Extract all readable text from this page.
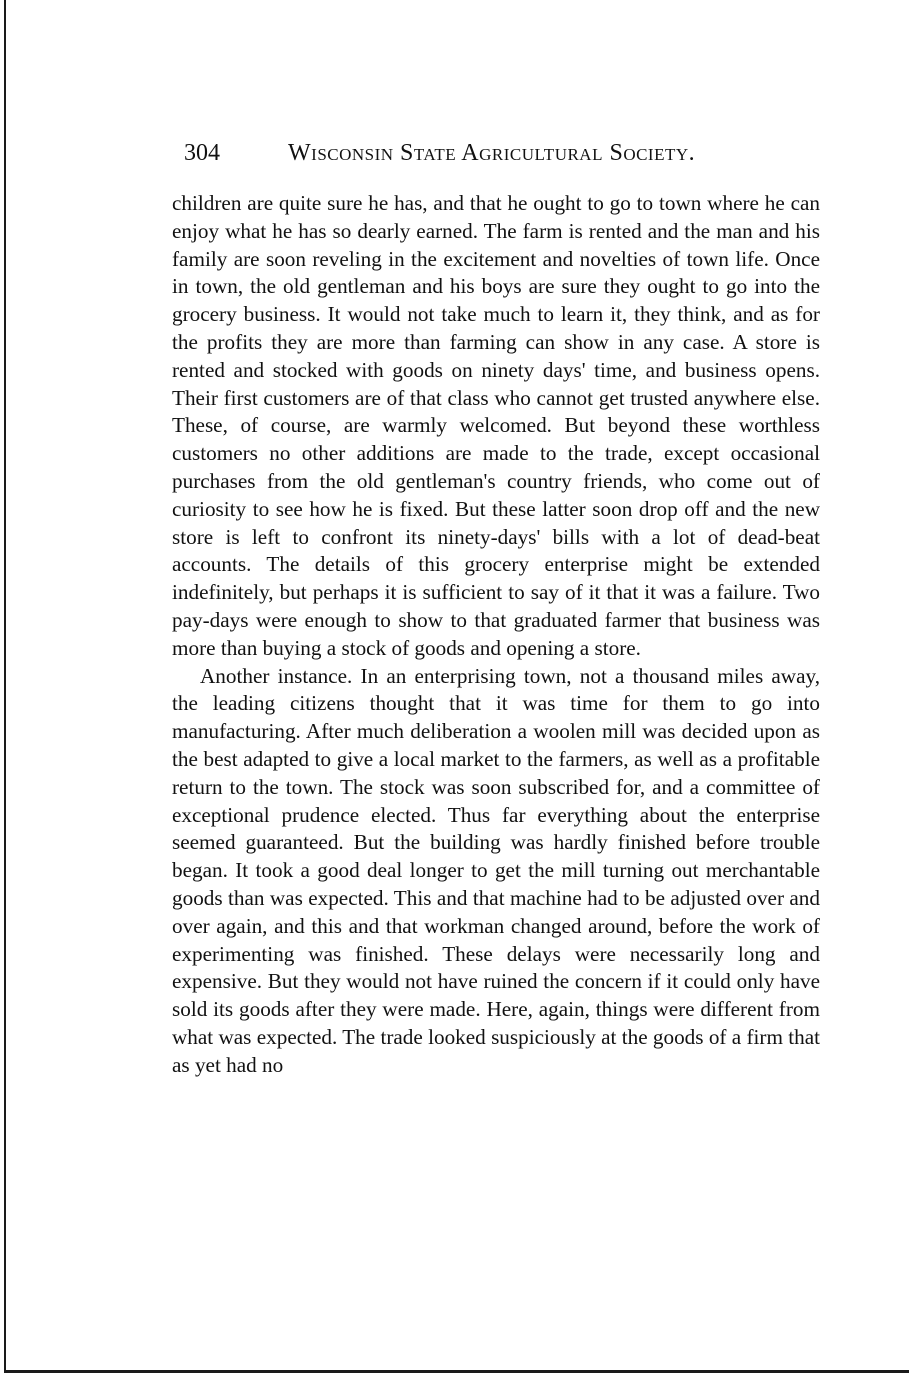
304	Wisconsin State Agricultural Society.

children are quite sure he has, and that he ought to go to town where he can enjoy what he has so dearly earned. The farm is rented and the man and his family are soon reveling in the excitement and novelties of town life. Once in town, the old gentleman and his boys are sure they ought to go into the grocery business. It would not take much to learn it, they think, and as for the profits they are more than farming can show in any case. A store is rented and stocked with goods on ninety days' time, and business opens. Their first customers are of that class who cannot get trusted anywhere else. These, of course, are warmly welcomed. But beyond these worthless customers no other additions are made to the trade, except occasional purchases from the old gentleman's country friends, who come out of curiosity to see how he is fixed. But these latter soon drop off and the new store is left to confront its ninety-days' bills with a lot of dead-beat accounts. The details of this grocery enterprise might be extended indefinitely, but perhaps it is sufficient to say of it that it was a failure. Two pay-days were enough to show to that graduated farmer that business was more than buying a stock of goods and opening a store.

Another instance. In an enterprising town, not a thousand miles away, the leading citizens thought that it was time for them to go into manufacturing. After much deliberation a woolen mill was decided upon as the best adapted to give a local market to the farmers, as well as a profitable return to the town. The stock was soon subscribed for, and a committee of exceptional prudence elected. Thus far everything about the enterprise seemed guaranteed. But the building was hardly finished before trouble began. It took a good deal longer to get the mill turning out merchantable goods than was expected. This and that machine had to be adjusted over and over again, and this and that workman changed around, before the work of experimenting was finished. These delays were necessarily long and expensive. But they would not have ruined the concern if it could only have sold its goods after they were made. Here, again, things were different from what was expected. The trade looked suspiciously at the goods of a firm that as yet had no
